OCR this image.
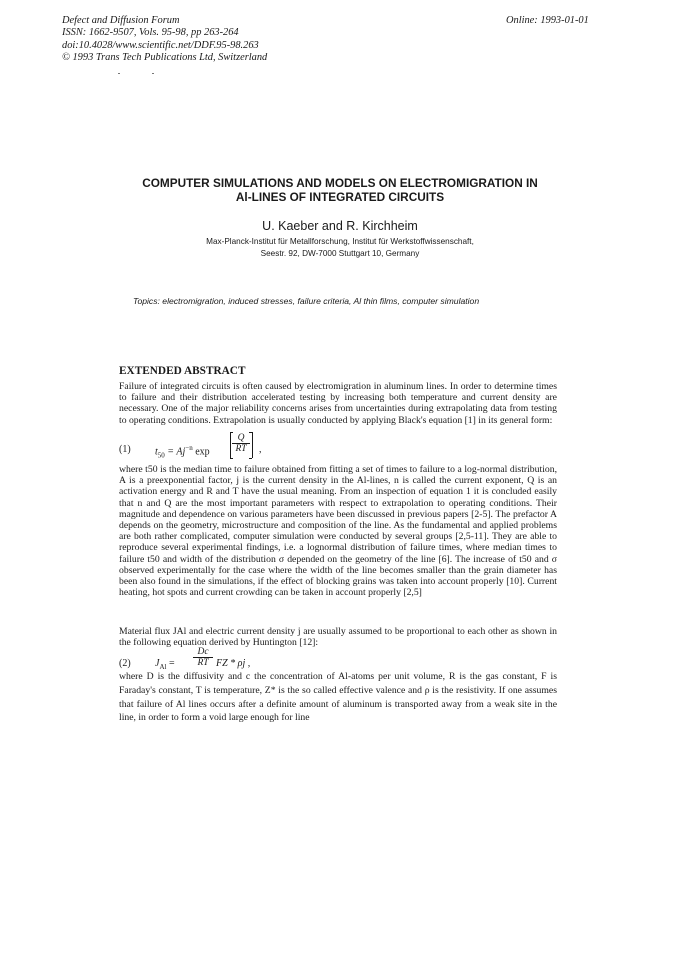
Defect and Diffusion Forum
ISSN: 1662-9507, Vols. 95-98, pp 263-264
doi:10.4028/www.scientific.net/DDF.95-98.263
© 1993 Trans Tech Publications Ltd, Switzerland
Online: 1993-01-01
COMPUTER SIMULATIONS AND MODELS ON ELECTROMIGRATION IN
Al-LINES OF INTEGRATED CIRCUITS
U. Kaeber and R. Kirchheim
Max-Planck-Institut für Metallforschung, Institut für Werkstoffwissenschaft,
Seestr. 92, DW-7000 Stuttgart 10, Germany
Topics: electromigration, induced stresses, failure criteria, Al thin films, computer simulation
EXTENDED ABSTRACT

Failure of integrated circuits is often caused by electromigration in aluminum lines. In order to determine times to failure and their distribution accelerated testing by increasing both temperature and current density are necessary. One of the major reliability concerns arises from uncertainties during extrapolating data from testing to operating conditions. Extrapolation is usually conducted by applying Black's equation [1] in its general form:

(1) $t_{50} = Aj^{-n}$ $\exp \frac{Q}{RT}$ ,

where t50 is the median time to failure obtained from fitting a set of times to failure to a log-normal distribution, A is a preexponential factor, j is the current density in the Al-lines, n is called the current exponent, Q is an activation energy and R and T have the usual meaning. From an inspection of equation 1 it is concluded easily that n and Q are the most important parameters with respect to extrapolation to operating conditions. Their magnitude and dependence on various parameters have been discussed in previous papers [2-5]. The prefactor A depends on the geometry, microstructure and composition of the line. As the fundamental and applied problems are both rather complicated, computer simulation were conducted by several groups [2,5-11]. They are able to reproduce several experimental findings, i.e. a lognormal distribution of failure times, where median times to failure t50 and width of the distribution σ depended on the geometry of the line [6]. The increase of t50 and σ observed experimentally for the case where the width of the line becomes smaller than the grain diameter has been also found in the simulations, if the effect of blocking grains was taken into account properly [10]. Current heating, hot spots and current crowding can be taken in account properly [2,5]

Material flux JAl and electric current density j are usually assumed to be proportional to each other as shown in the following equation derived by Huntington [12]:

(2) $J_{Al} = \frac{Dc}{RT}$ FZ * ρj ,

where D is the diffusivity and c the concentration of Al-atoms per unit volume, R is the gas constant, F is Faraday's constant, T is temperature, Z* is the so called effective valence and ρ is the resistivity. If one assumes that failure of Al lines occurs after a definite amount of aluminum is transported away from a weak site in the line, in order to form a void large enough for line
